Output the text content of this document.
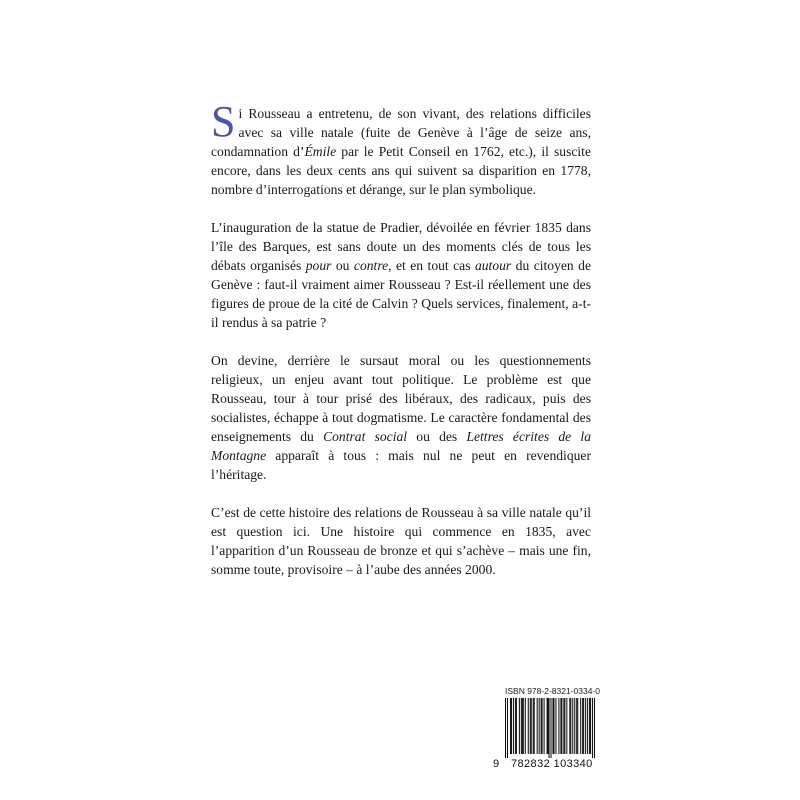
Si Rousseau a entretenu, de son vivant, des relations difficiles avec sa ville natale (fuite de Genève à l’âge de seize ans, condamnation d’Émile par le Petit Conseil en 1762, etc.), il suscite encore, dans les deux cents ans qui suivent sa disparition en 1778, nombre d’interrogations et dérange, sur le plan symbolique.

L’inauguration de la statue de Pradier, dévoilée en février 1835 dans l’île des Barques, est sans doute un des moments clés de tous les débats organisés pour ou contre, et en tout cas autour du citoyen de Genève : faut-il vraiment aimer Rousseau ? Est-il réellement une des figures de proue de la cité de Calvin ? Quels services, finalement, a-t-il rendus à sa patrie ?

On devine, derrière le sursaut moral ou les questionnements religieux, un enjeu avant tout politique. Le problème est que Rousseau, tour à tour prisé des libéraux, des radicaux, puis des socialistes, échappe à tout dogmatisme. Le caractère fondamental des enseignements du Contrat social ou des Lettres écrites de la Montagne apparaît à tous : mais nul ne peut en revendiquer l’héritage.

C’est de cette histoire des relations de Rousseau à sa ville natale qu’il est question ici. Une histoire qui commence en 1835, avec l’apparition d’un Rousseau de bronze et qui s’achève – mais une fin, somme toute, provisoire – à l’aube des années 2000.

ISBN 978-2-8321-0334-0
9 782832 103340
